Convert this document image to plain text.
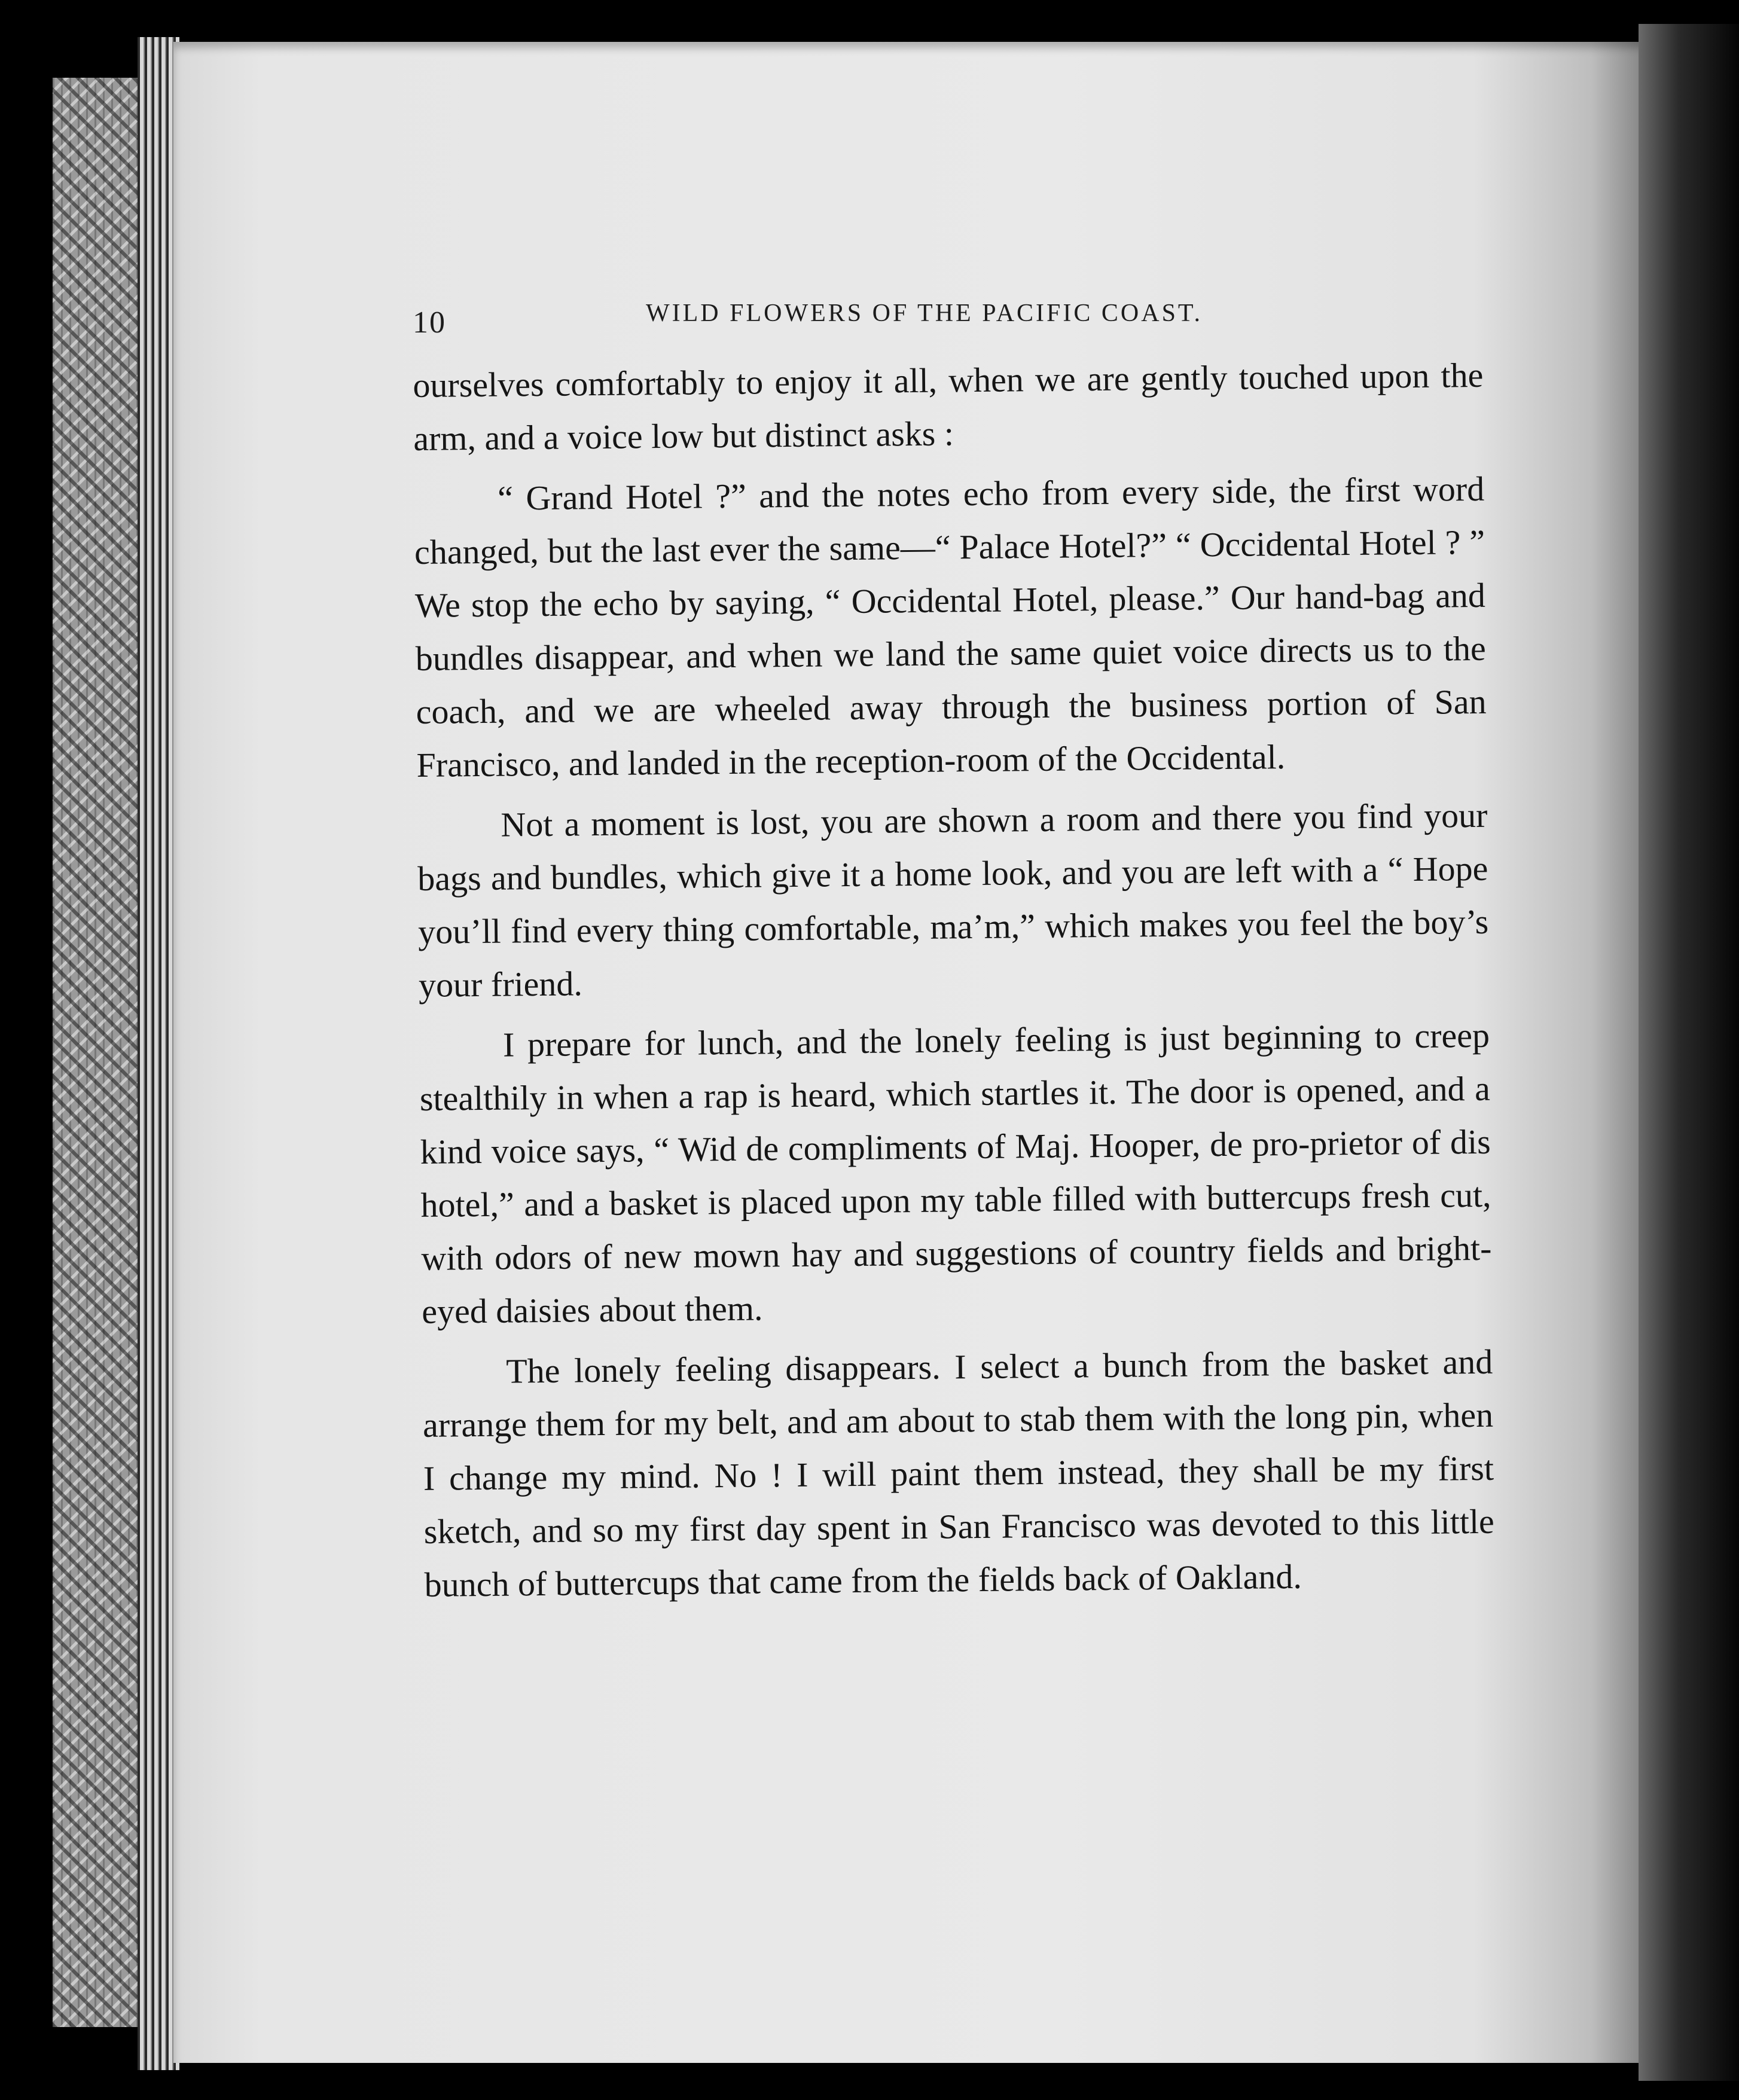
10	WILD FLOWERS OF THE PACIFIC COAST.

ourselves comfortably to enjoy it all, when we are gently touched upon the arm, and a voice low but distinct asks :

“ Grand Hotel ?” and the notes echo from every side, the first word changed, but the last ever the same—“ Palace Hotel?” “ Occidental Hotel ? ” We stop the echo by saying, “ Occidental Hotel, please.” Our hand-bag and bundles disappear, and when we land the same quiet voice directs us to the coach, and we are wheeled away through the business portion of San Francisco, and landed in the reception-room of the Occidental.

Not a moment is lost, you are shown a room and there you find your bags and bundles, which give it a home look, and you are left with a “ Hope you’ll find every thing comfortable, ma’m,” which makes you feel the boy’s your friend.

I prepare for lunch, and the lonely feeling is just beginning to creep stealthily in when a rap is heard, which startles it. The door is opened, and a kind voice says, “ Wid de compliments of Maj. Hooper, de pro-prietor of dis hotel,” and a basket is placed upon my table filled with buttercups fresh cut, with odors of new mown hay and suggestions of country fields and bright-eyed daisies about them.

The lonely feeling disappears. I select a bunch from the basket and arrange them for my belt, and am about to stab them with the long pin, when I change my mind. No ! I will paint them instead, they shall be my first sketch, and so my first day spent in San Francisco was devoted to this little bunch of buttercups that came from the fields back of Oakland.
